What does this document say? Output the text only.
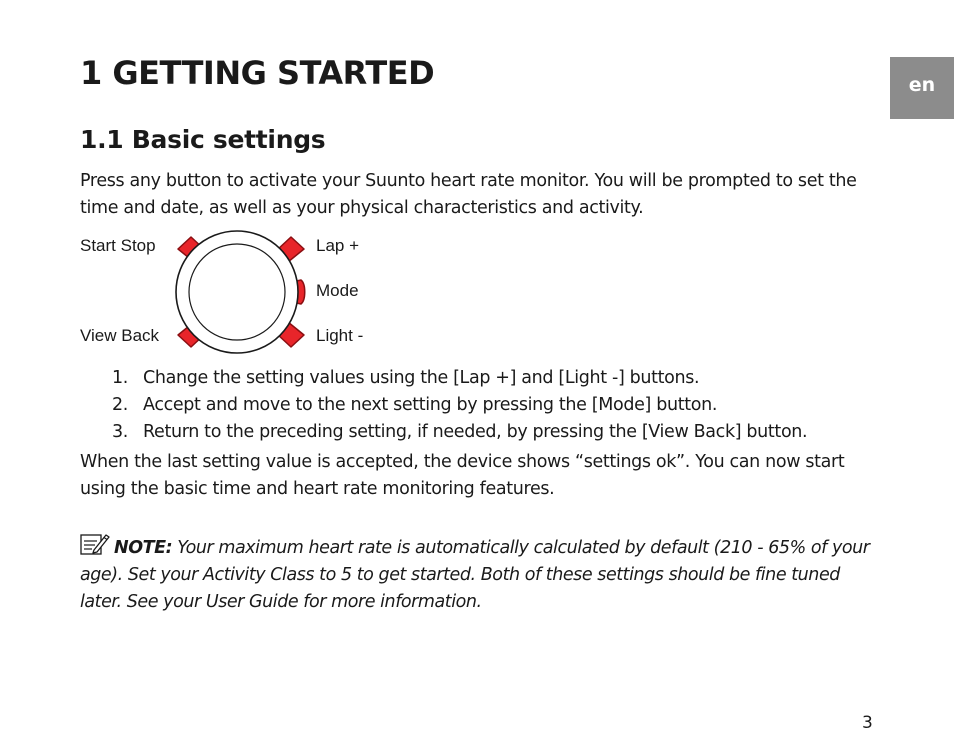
en
1 GETTING STARTED
1.1 Basic settings

Press any button to activate your Suunto heart rate monitor. You will be prompted to set the time and date, as well as your physical characteristics and activity.

Start Stop
View Back
Lap +
Mode
Light -
1. Change the setting values using the [Lap +] and [Light -] buttons.
2. Accept and move to the next setting by pressing the [Mode] button.
3. Return to the preceding setting, if needed, by pressing the [View Back] button.

When the last setting value is accepted, the device shows “settings ok”. You can now start using the basic time and heart rate monitoring features.

NOTE: Your maximum heart rate is automatically calculated by default (210 - 65% of your age). Set your Activity Class to 5 to get started. Both of these settings should be fine tuned later. See your User Guide for more information.

3
